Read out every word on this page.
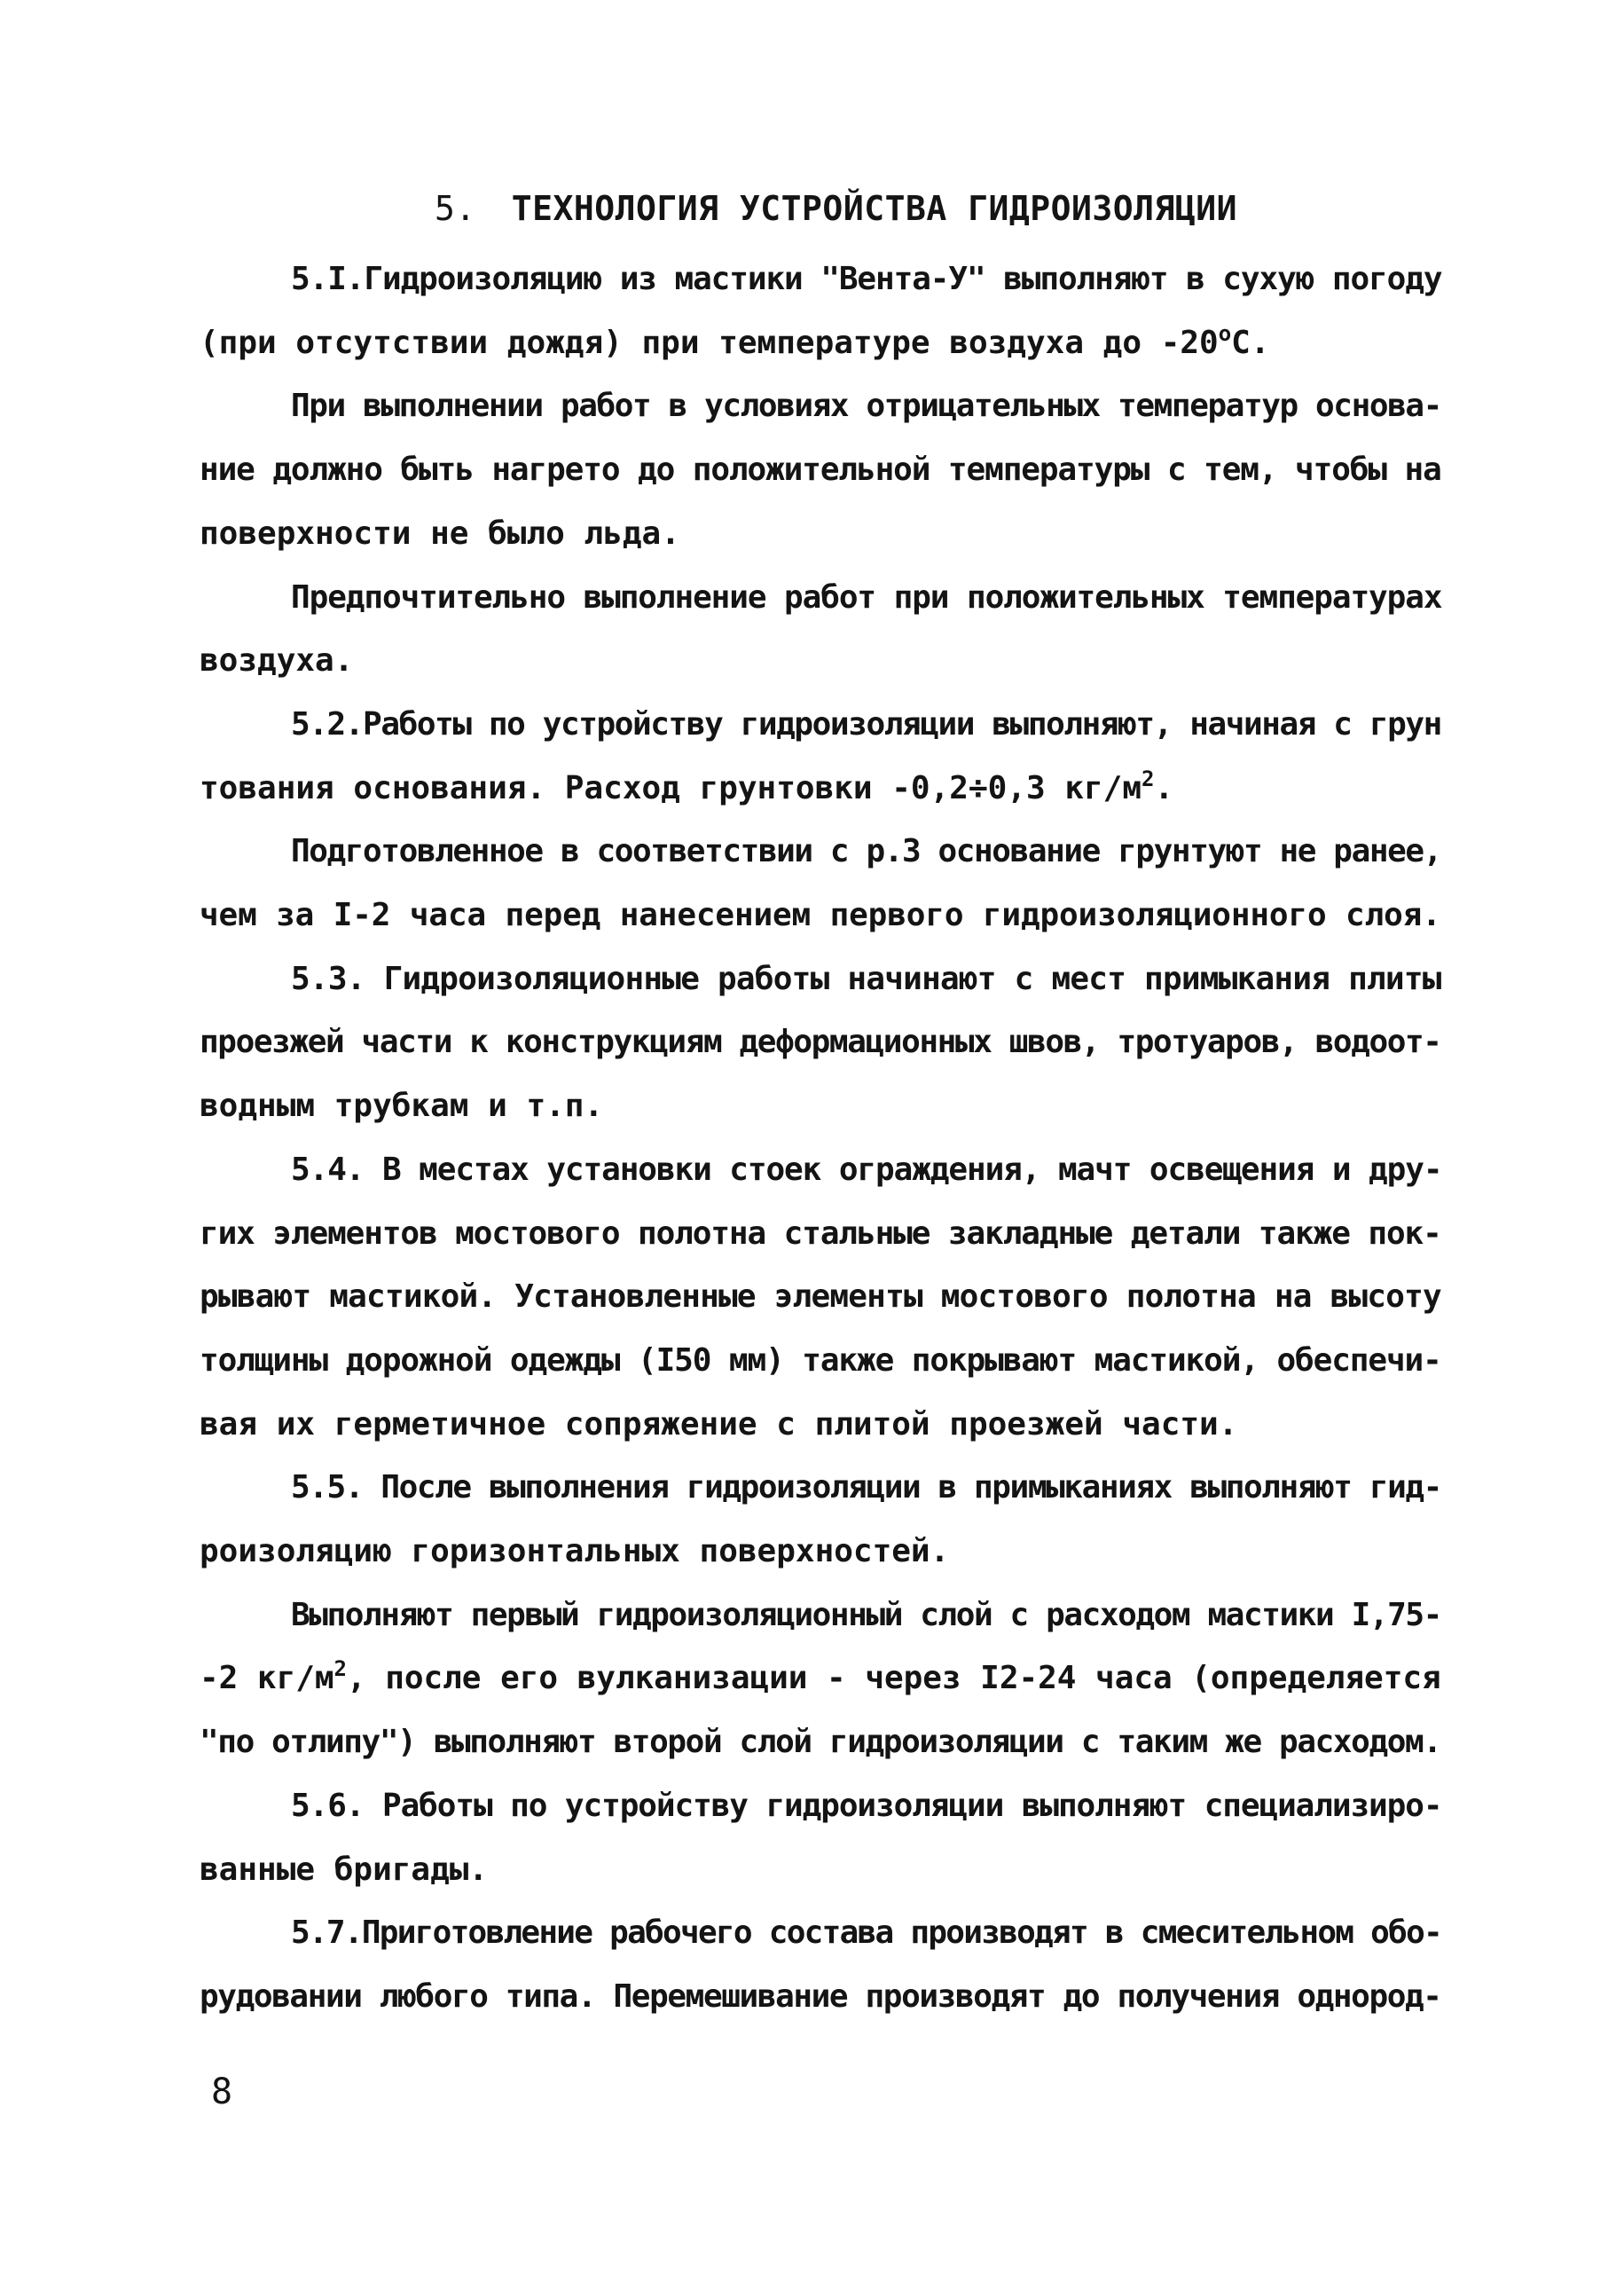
5. ТЕХНОЛОГИЯ УСТРОЙСТВА ГИДРОИЗОЛЯЦИИ
5.I.Гидроизоляцию из мастики "Вента-У" выполняют в сухую погоду
(при отсутствии дождя) при температуре воздуха до $-20^оС$.
При выполнении работ в условиях отрицательных температур основа-
ние должно быть нагрето до положительной температуры с тем, чтобы на
поверхности не было льда.
Предпочтительно выполнение работ при положительных температурах
воздуха.
5.2.Работы по устройству гидроизоляции выполняют, начиная с грун
тования основания. Расход грунтовки -0,2÷0,3 $кг/м^2$.
Подготовленное в соответствии с р.3 основание грунтуют не ранее,
чем за I-2 часа перед нанесением первого гидроизоляционного слоя.
5.3. Гидроизоляционные работы начинают с мест примыкания плиты
проезжей части к конструкциям деформационных швов, тротуаров, водоот-
водным трубкам и т.п.
5.4. В местах установки стоек ограждения, мачт освещения и дру-
гих элементов мостового полотна стальные закладные детали также пок-
рывают мастикой. Установленные элементы мостового полотна на высоту
толщины дорожной одежды (I50 мм) также покрывают мастикой, обеспечи-
вая их герметичное сопряжение с плитой проезжей части.
5.5. После выполнения гидроизоляции в примыканиях выполняют гид-
роизоляцию горизонтальных поверхностей.
Выполняют первый гидроизоляционный слой с расходом мастики I,75-
-2 $кг/м^2$, после его вулканизации - через I2-24 часа (определяется
"по отлипу") выполняют второй слой гидроизоляции с таким же расходом.
5.6. Работы по устройству гидроизоляции выполняют специализиро-
ванные бригады.
5.7.Приготовление рабочего состава производят в смесительном обо-
рудовании любого типа. Перемешивание производят до получения однород-
8
